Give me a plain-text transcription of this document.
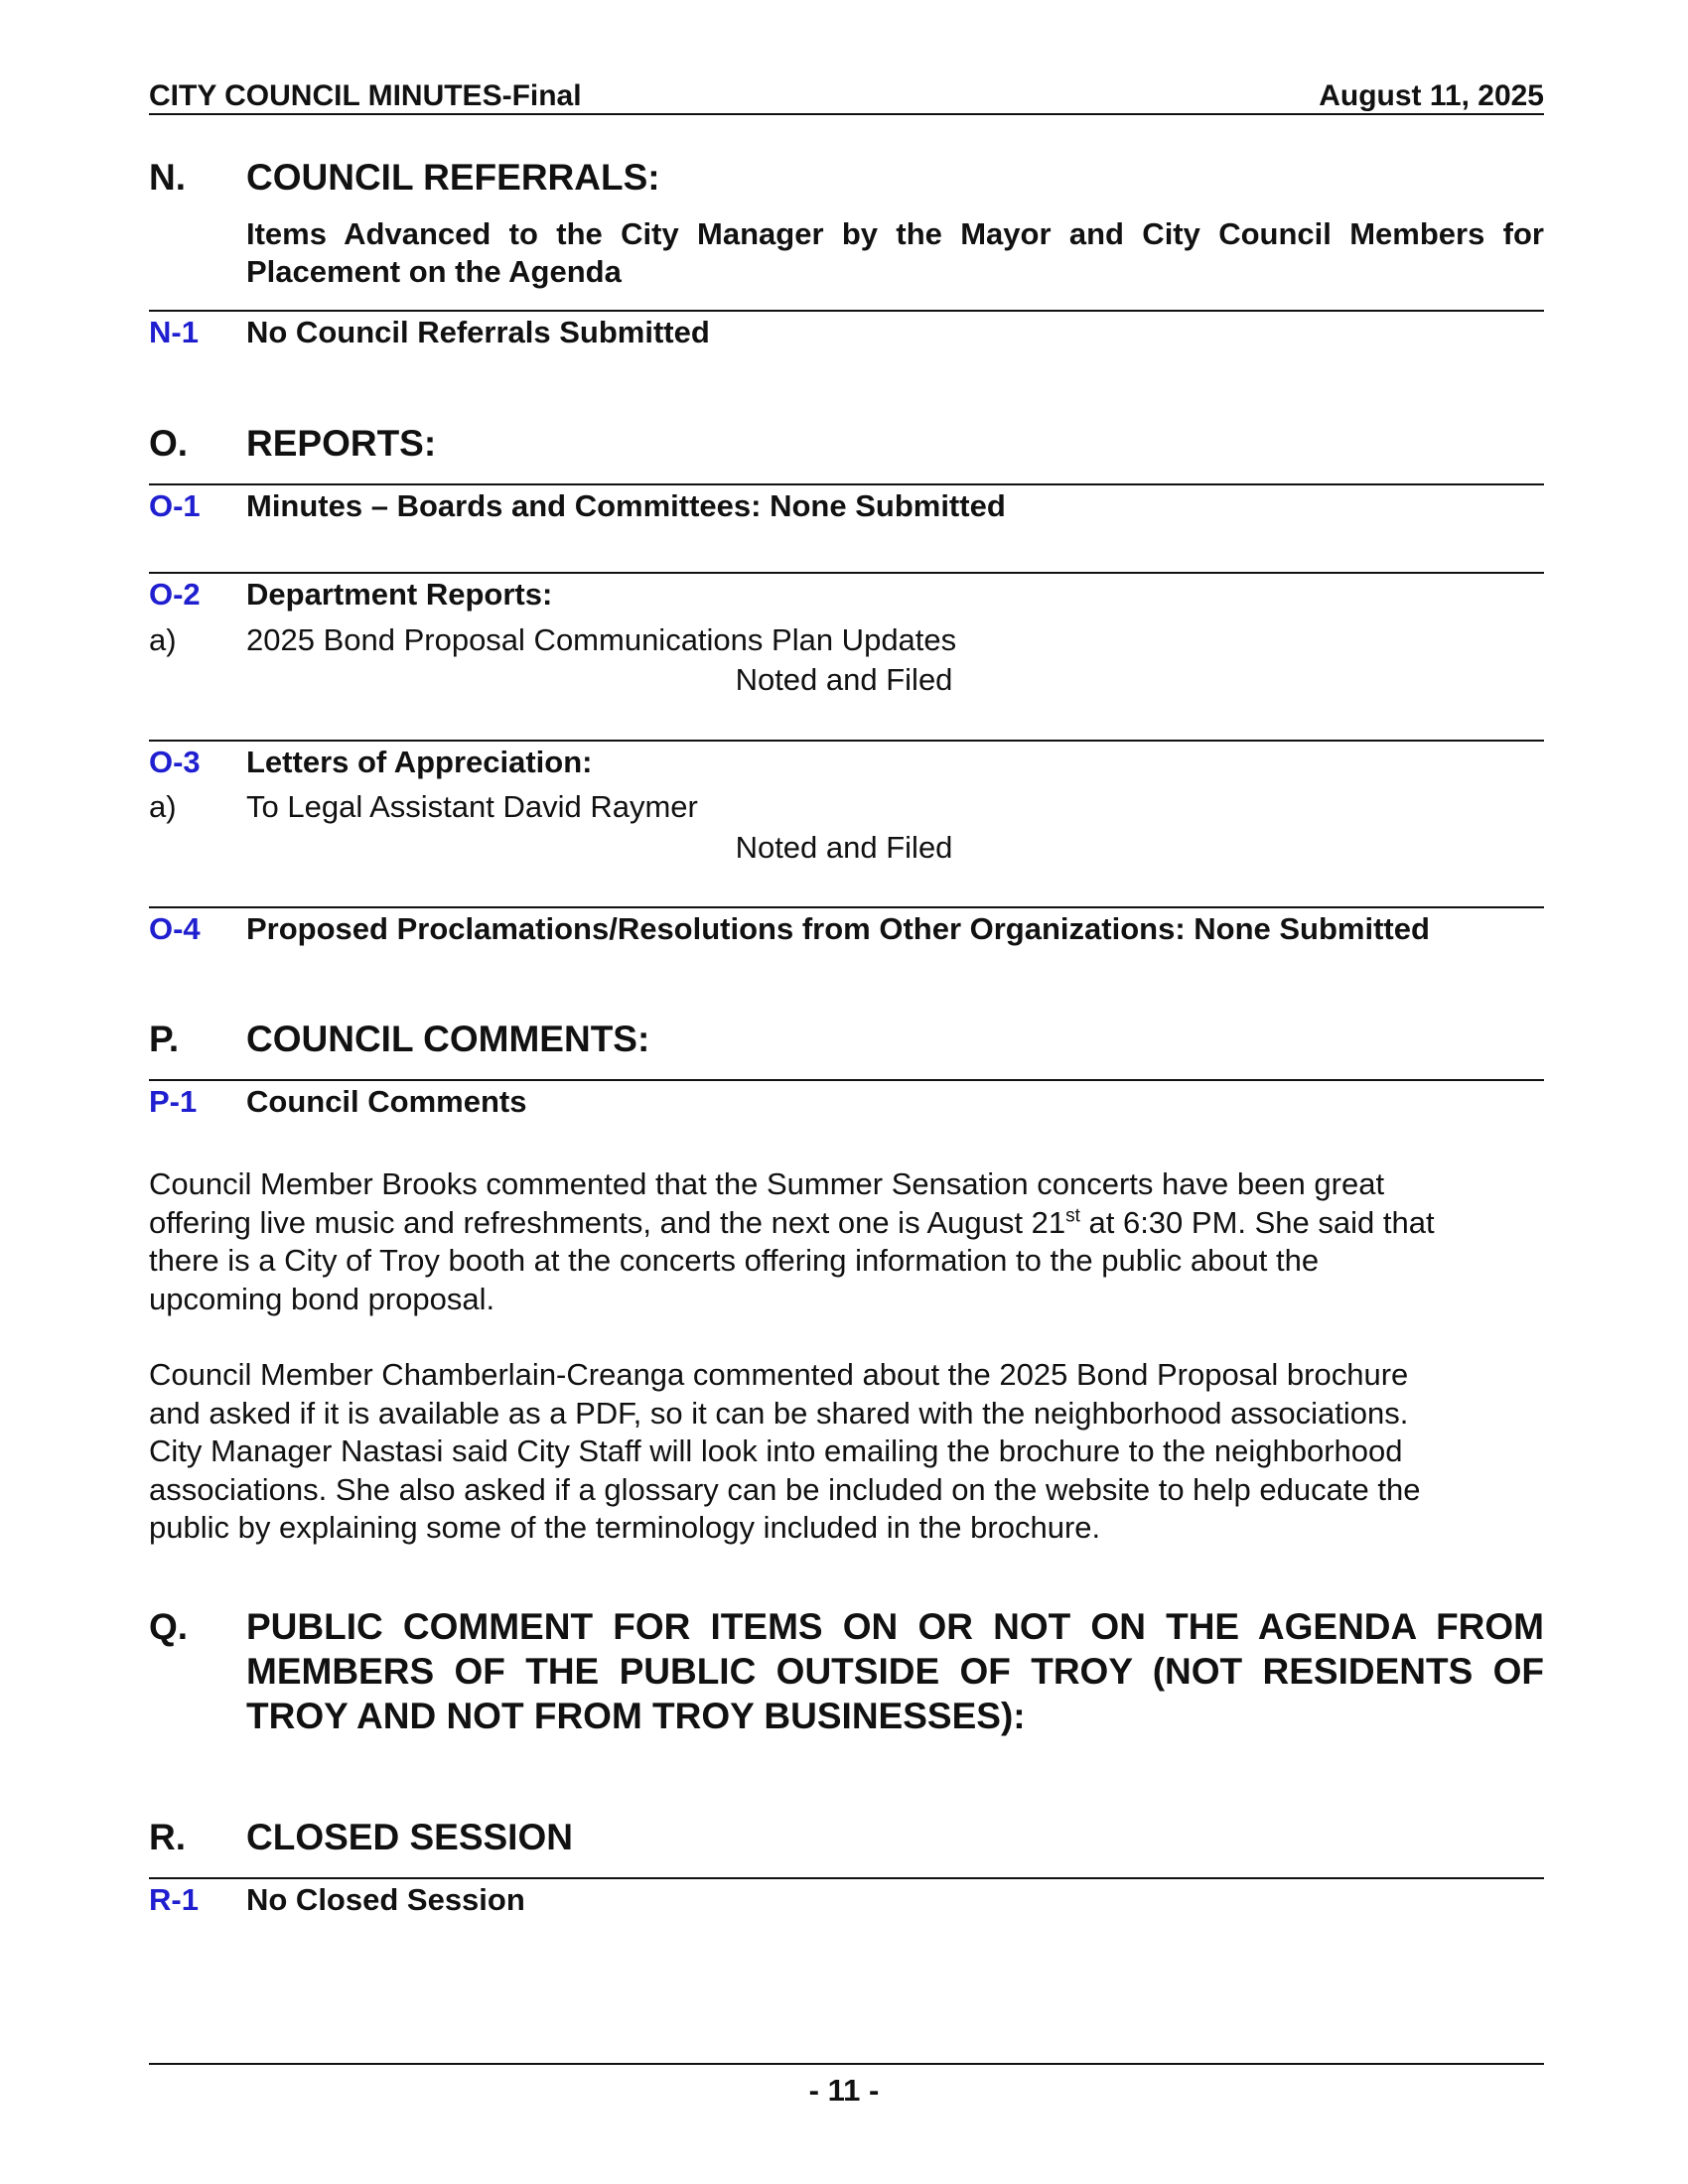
CITY COUNCIL MINUTES-Final	August 11, 2025
N. COUNCIL REFERRALS:
Items Advanced to the City Manager by the Mayor and City Council Members for
Placement on the Agenda
N-1 No Council Referrals Submitted
O. REPORTS:
O-1 Minutes – Boards and Committees: None Submitted
O-2 Department Reports:
a) 2025 Bond Proposal Communications Plan Updates
Noted and Filed
O-3 Letters of Appreciation:
a) To Legal Assistant David Raymer
Noted and Filed
O-4 Proposed Proclamations/Resolutions from Other Organizations: None Submitted
P. COUNCIL COMMENTS:
P-1 Council Comments
Council Member Brooks commented that the Summer Sensation concerts have been great
offering live music and refreshments, and the next one is August 21st at 6:30 PM. She said that
there is a City of Troy booth at the concerts offering information to the public about the
upcoming bond proposal.
Council Member Chamberlain-Creanga commented about the 2025 Bond Proposal brochure
and asked if it is available as a PDF, so it can be shared with the neighborhood associations.
City Manager Nastasi said City Staff will look into emailing the brochure to the neighborhood
associations. She also asked if a glossary can be included on the website to help educate the
public by explaining some of the terminology included in the brochure.
Q. PUBLIC COMMENT FOR ITEMS ON OR NOT ON THE AGENDA FROM
MEMBERS OF THE PUBLIC OUTSIDE OF TROY (NOT RESIDENTS OF
TROY AND NOT FROM TROY BUSINESSES):
R. CLOSED SESSION
R-1 No Closed Session
- 11 -
